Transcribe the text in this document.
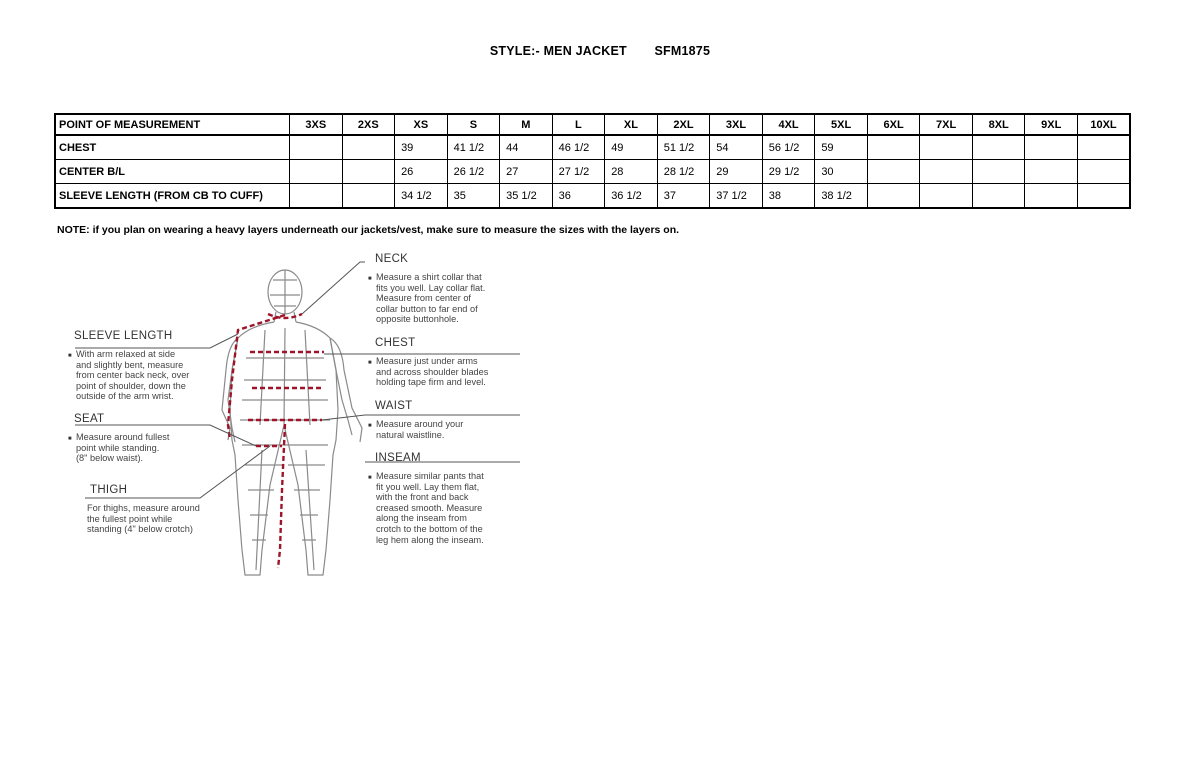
STYLE:- MEN JACKET SFM1875
POINT OF MEASUREMENT	3XS	2XS	XS	S	M	L	XL	2XL	3XL	4XL	5XL	6XL	7XL	8XL	9XL	10XL
CHEST			39	41 1/2	44	46 1/2	49	51 1/2	54	56 1/2	59					
CENTER B/L			26	26 1/2	27	27 1/2	28	28 1/2	29	29 1/2	30					
SLEEVE LENGTH (FROM CB TO CUFF)			34 1/2	35	35 1/2	36	36 1/2	37	37 1/2	38	38 1/2					
NOTE: if you plan on wearing a heavy layers underneath our jackets/vest, make sure to measure the sizes with the layers on.
NECK
■ Measure a shirt collar that
fits you well. Lay collar flat.
Measure from center of
collar button to far end of
opposite buttonhole.
CHEST
■ Measure just under arms
and across shoulder blades
holding tape firm and level.
WAIST
■ Measure around your
natural waistline.
INSEAM
■ Measure similar pants that
fit you well. Lay them flat,
with the front and back
creased smooth. Measure
along the inseam from
crotch to the bottom of the
leg hem along the inseam.
SLEEVE LENGTH
■ With arm relaxed at side
and slightly bent, measure
from center back neck, over
point of shoulder, down the
outside of the arm wrist.
SEAT
■ Measure around fullest
point while standing.
(8" below waist).
THIGH
For thighs, measure around
the fullest point while
standing (4" below crotch)
